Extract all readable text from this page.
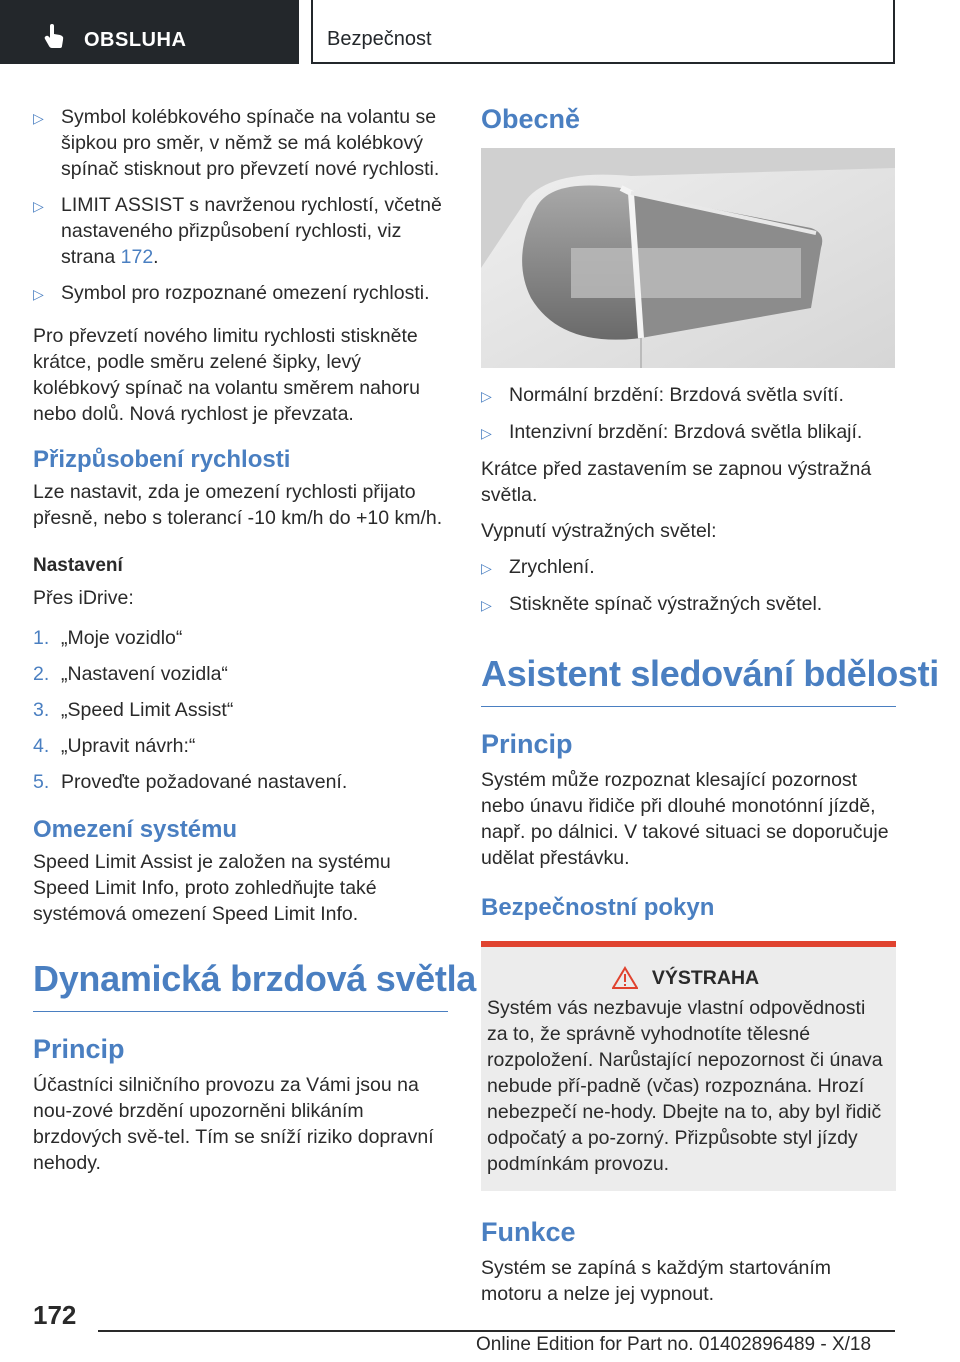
OBSLUHA	Bezpečnost
▷ Symbol kolébkového spínače na volantu se šipkou pro směr, v němž se má kolébkový spínač stisknout pro převzetí nové rychlosti.
▷ LIMIT ASSIST s navrženou rychlostí, včetně nastaveného přizpůsobení rychlosti, viz strana 172.
▷ Symbol pro rozpoznané omezení rychlosti.

Pro převzetí nového limitu rychlosti stiskněte krátce, podle směru zelené šipky, levý kolébkový spínač na volantu směrem nahoru nebo dolů. Nová rychlost je převzata.

Přizpůsobení rychlosti

Lze nastavit, zda je omezení rychlosti přijato přesně, nebo s tolerancí -10 km/h do +10 km/h.

Nastavení

Přes iDrive:

1. „Moje vozidlo“
2. „Nastavení vozidla“
3. „Speed Limit Assist“
4. „Upravit návrh:“
5. Proveďte požadované nastavení.
Omezení systému

Speed Limit Assist je založen na systému Speed Limit Info, proto zohledňujte také systémová omezení Speed Limit Info.

Dynamická brzdová světla
Princip

Účastníci silničního provozu za Vámi jsou na nou-zové brzdění upozorněni blikáním brzdových svě-tel. Tím se sníží riziko dopravní nehody.

Obecně
▷ Normální brzdění: Brzdová světla svítí.
▷ Intenzivní brzdění: Brzdová světla blikají.

Krátce před zastavením se zapnou výstražná světla.

Vypnutí výstražných světel:

▷ Zrychlení.
▷ Stiskněte spínač výstražných světel.
Asistent sledování bdělosti
Princip

Systém může rozpoznat klesající pozornost nebo únavu řidiče při dlouhé monotónní jízdě, např. po dálnici. V takové situaci se doporučuje udělat přestávku.

Bezpečnostní pokyn
VÝSTRAHA

Systém vás nezbavuje vlastní odpovědnosti za to, že správně vyhodnotíte tělesné rozpoložení. Narůstající nepozornost či únava nebude pří-padně (včas) rozpoznána. Hrozí nebezpečí ne-hody. Dbejte na to, aby byl řidič odpočatý a po-zorný. Přizpůsobte styl jízdy podmínkám provozu.

Funkce

Systém se zapíná s každým startováním motoru a nelze jej vypnout.

172
Online Edition for Part no. 01402896489 - X/18
